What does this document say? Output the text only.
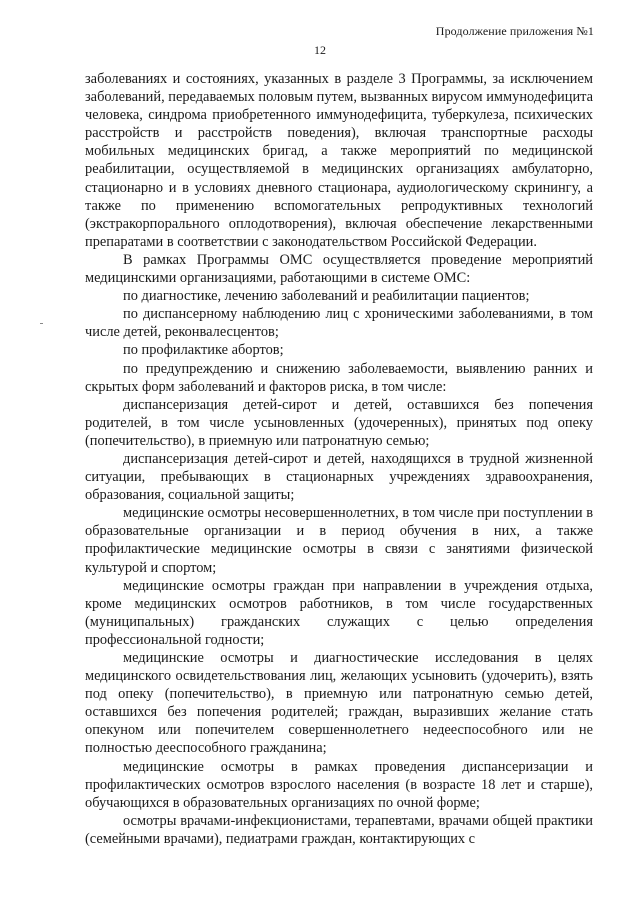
Продолжение приложения №1
12

заболеваниях и состояниях, указанных в разделе 3 Программы, за исключением заболеваний, передаваемых половым путем, вызванных вирусом иммунодефицита человека, синдрома приобретенного иммунодефицита, туберкулеза, психических расстройств и расстройств поведения), включая транспортные расходы мобильных медицинских бригад, а также мероприятий по медицинской реабилитации, осуществляемой в медицинских организациях амбулаторно, стационарно и в условиях дневного стационара, аудиологическому скринингу, а также по применению вспомогательных репродуктивных технологий (экстракорпорального оплодотворения), включая обеспечение лекарственными препаратами в соответствии с законодательством Российской Федерации.

В рамках Программы ОМС осуществляется проведение мероприятий медицинскими организациями, работающими в системе ОМС:

по диагностике, лечению заболеваний и реабилитации пациентов;

по диспансерному наблюдению лиц с хроническими заболеваниями, в том числе детей, реконвалесцентов;

по профилактике абортов;

по предупреждению и снижению заболеваемости, выявлению ранних и скрытых форм заболеваний и факторов риска, в том числе:

диспансеризация детей-сирот и детей, оставшихся без попечения родителей, в том числе усыновленных (удочеренных), принятых под опеку (попечительство), в приемную или патронатную семью;

диспансеризация детей-сирот и детей, находящихся в трудной жизненной ситуации, пребывающих в стационарных учреждениях здравоохранения, образования, социальной защиты;

медицинские осмотры несовершеннолетних, в том числе при поступлении в образовательные организации и в период обучения в них, а также профилактические медицинские осмотры в связи с занятиями физической культурой и спортом;

медицинские осмотры граждан при направлении в учреждения отдыха, кроме медицинских осмотров работников, в том числе государственных (муниципальных) гражданских служащих с целью определения профессиональной годности;

медицинские осмотры и диагностические исследования в целях медицинского освидетельствования лиц, желающих усыновить (удочерить), взять под опеку (попечительство), в приемную или патронатную семью детей, оставшихся без попечения родителей; граждан, выразивших желание стать опекуном или попечителем совершеннолетнего недееспособного или не полностью дееспособного гражданина;

медицинские осмотры в рамках проведения диспансеризации и профилактических осмотров взрослого населения (в возрасте 18 лет и старше), обучающихся в образовательных организациях по очной форме;

осмотры врачами-инфекционистами, терапевтами, врачами общей практики (семейными врачами), педиатрами граждан, контактирующих с
